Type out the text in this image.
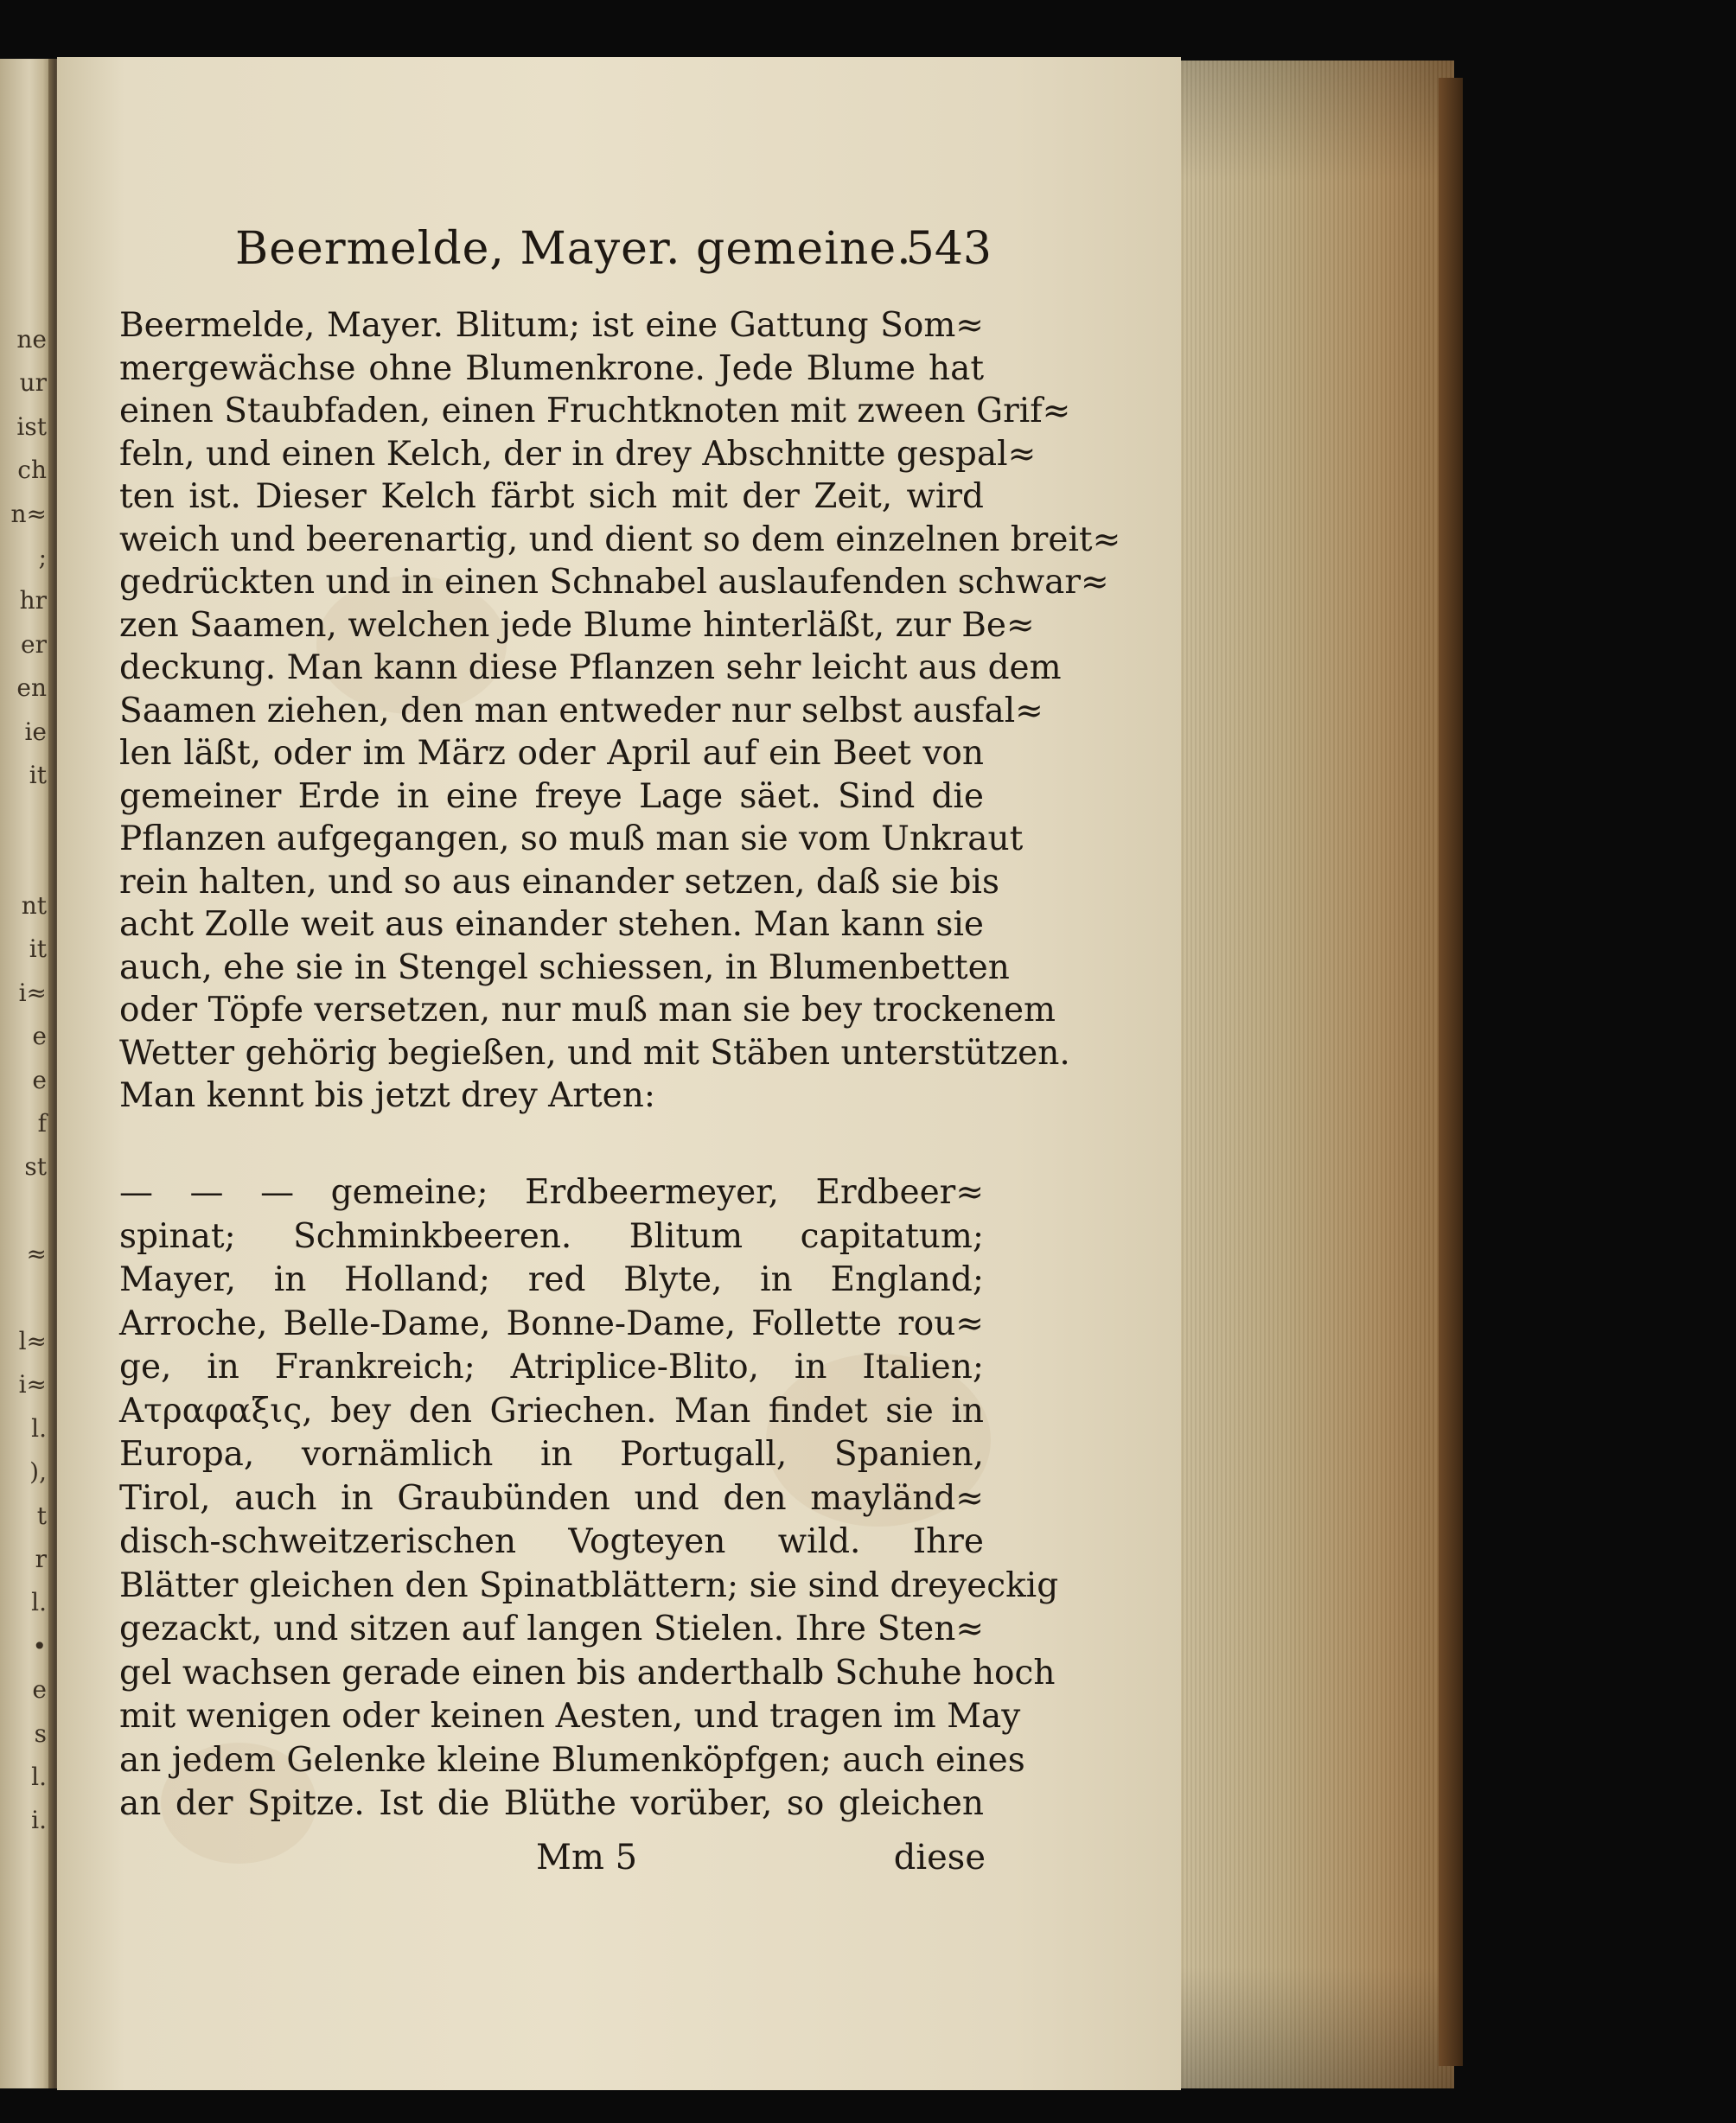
ne
ur
ist
ch
n≈
;
hr
er
en
ie
it
nt
it
i≈
e
e
f
st
≈
l≈
i≈
l.
),
t
r
l.
•
e
s
l.
i.
Beermelde, Mayer. gemeine.
543
Beermelde, Mayer. Blitum; ist eine Gattung Som≈
mergewächse ohne Blumenkrone. Jede Blume hat
einen Staubfaden, einen Fruchtknoten mit zween Grif≈
feln, und einen Kelch, der in drey Abschnitte gespal≈
ten ist. Dieser Kelch färbt sich mit der Zeit, wird
weich und beerenartig, und dient so dem einzelnen breit≈
gedrückten und in einen Schnabel auslaufenden schwar≈
zen Saamen, welchen jede Blume hinterläßt, zur Be≈
deckung. Man kann diese Pflanzen sehr leicht aus dem
Saamen ziehen, den man entweder nur selbst ausfal≈
len läßt, oder im März oder April auf ein Beet von
gemeiner Erde in eine freye Lage säet. Sind die
Pflanzen aufgegangen, so muß man sie vom Unkraut
rein halten, und so aus einander setzen, daß sie bis
acht Zolle weit aus einander stehen. Man kann sie
auch, ehe sie in Stengel schiessen, in Blumenbetten
oder Töpfe versetzen, nur muß man sie bey trockenem
Wetter gehörig begießen, und mit Stäben unterstützen.
Man kennt bis jetzt drey Arten:
— — — gemeine; Erdbeermeyer, Erdbeer≈
spinat; Schminkbeeren. Blitum capitatum;
Mayer, in Holland; red Blyte, in England;
Arroche, Belle-Dame, Bonne-Dame, Follette rou≈
ge, in Frankreich; Atriplice-Blito, in Italien;
Ατραφαξις, bey den Griechen. Man findet sie in
Europa, vornämlich in Portugall, Spanien,
Tirol, auch in Graubünden und den mayländ≈
disch-schweitzerischen Vogteyen wild. Ihre
Blätter gleichen den Spinatblättern; sie sind dreyeckig
gezackt, und sitzen auf langen Stielen. Ihre Sten≈
gel wachsen gerade einen bis anderthalb Schuhe hoch
mit wenigen oder keinen Aesten, und tragen im May
an jedem Gelenke kleine Blumenköpfgen; auch eines
an der Spitze. Ist die Blüthe vorüber, so gleichen
Mm 5	diese
